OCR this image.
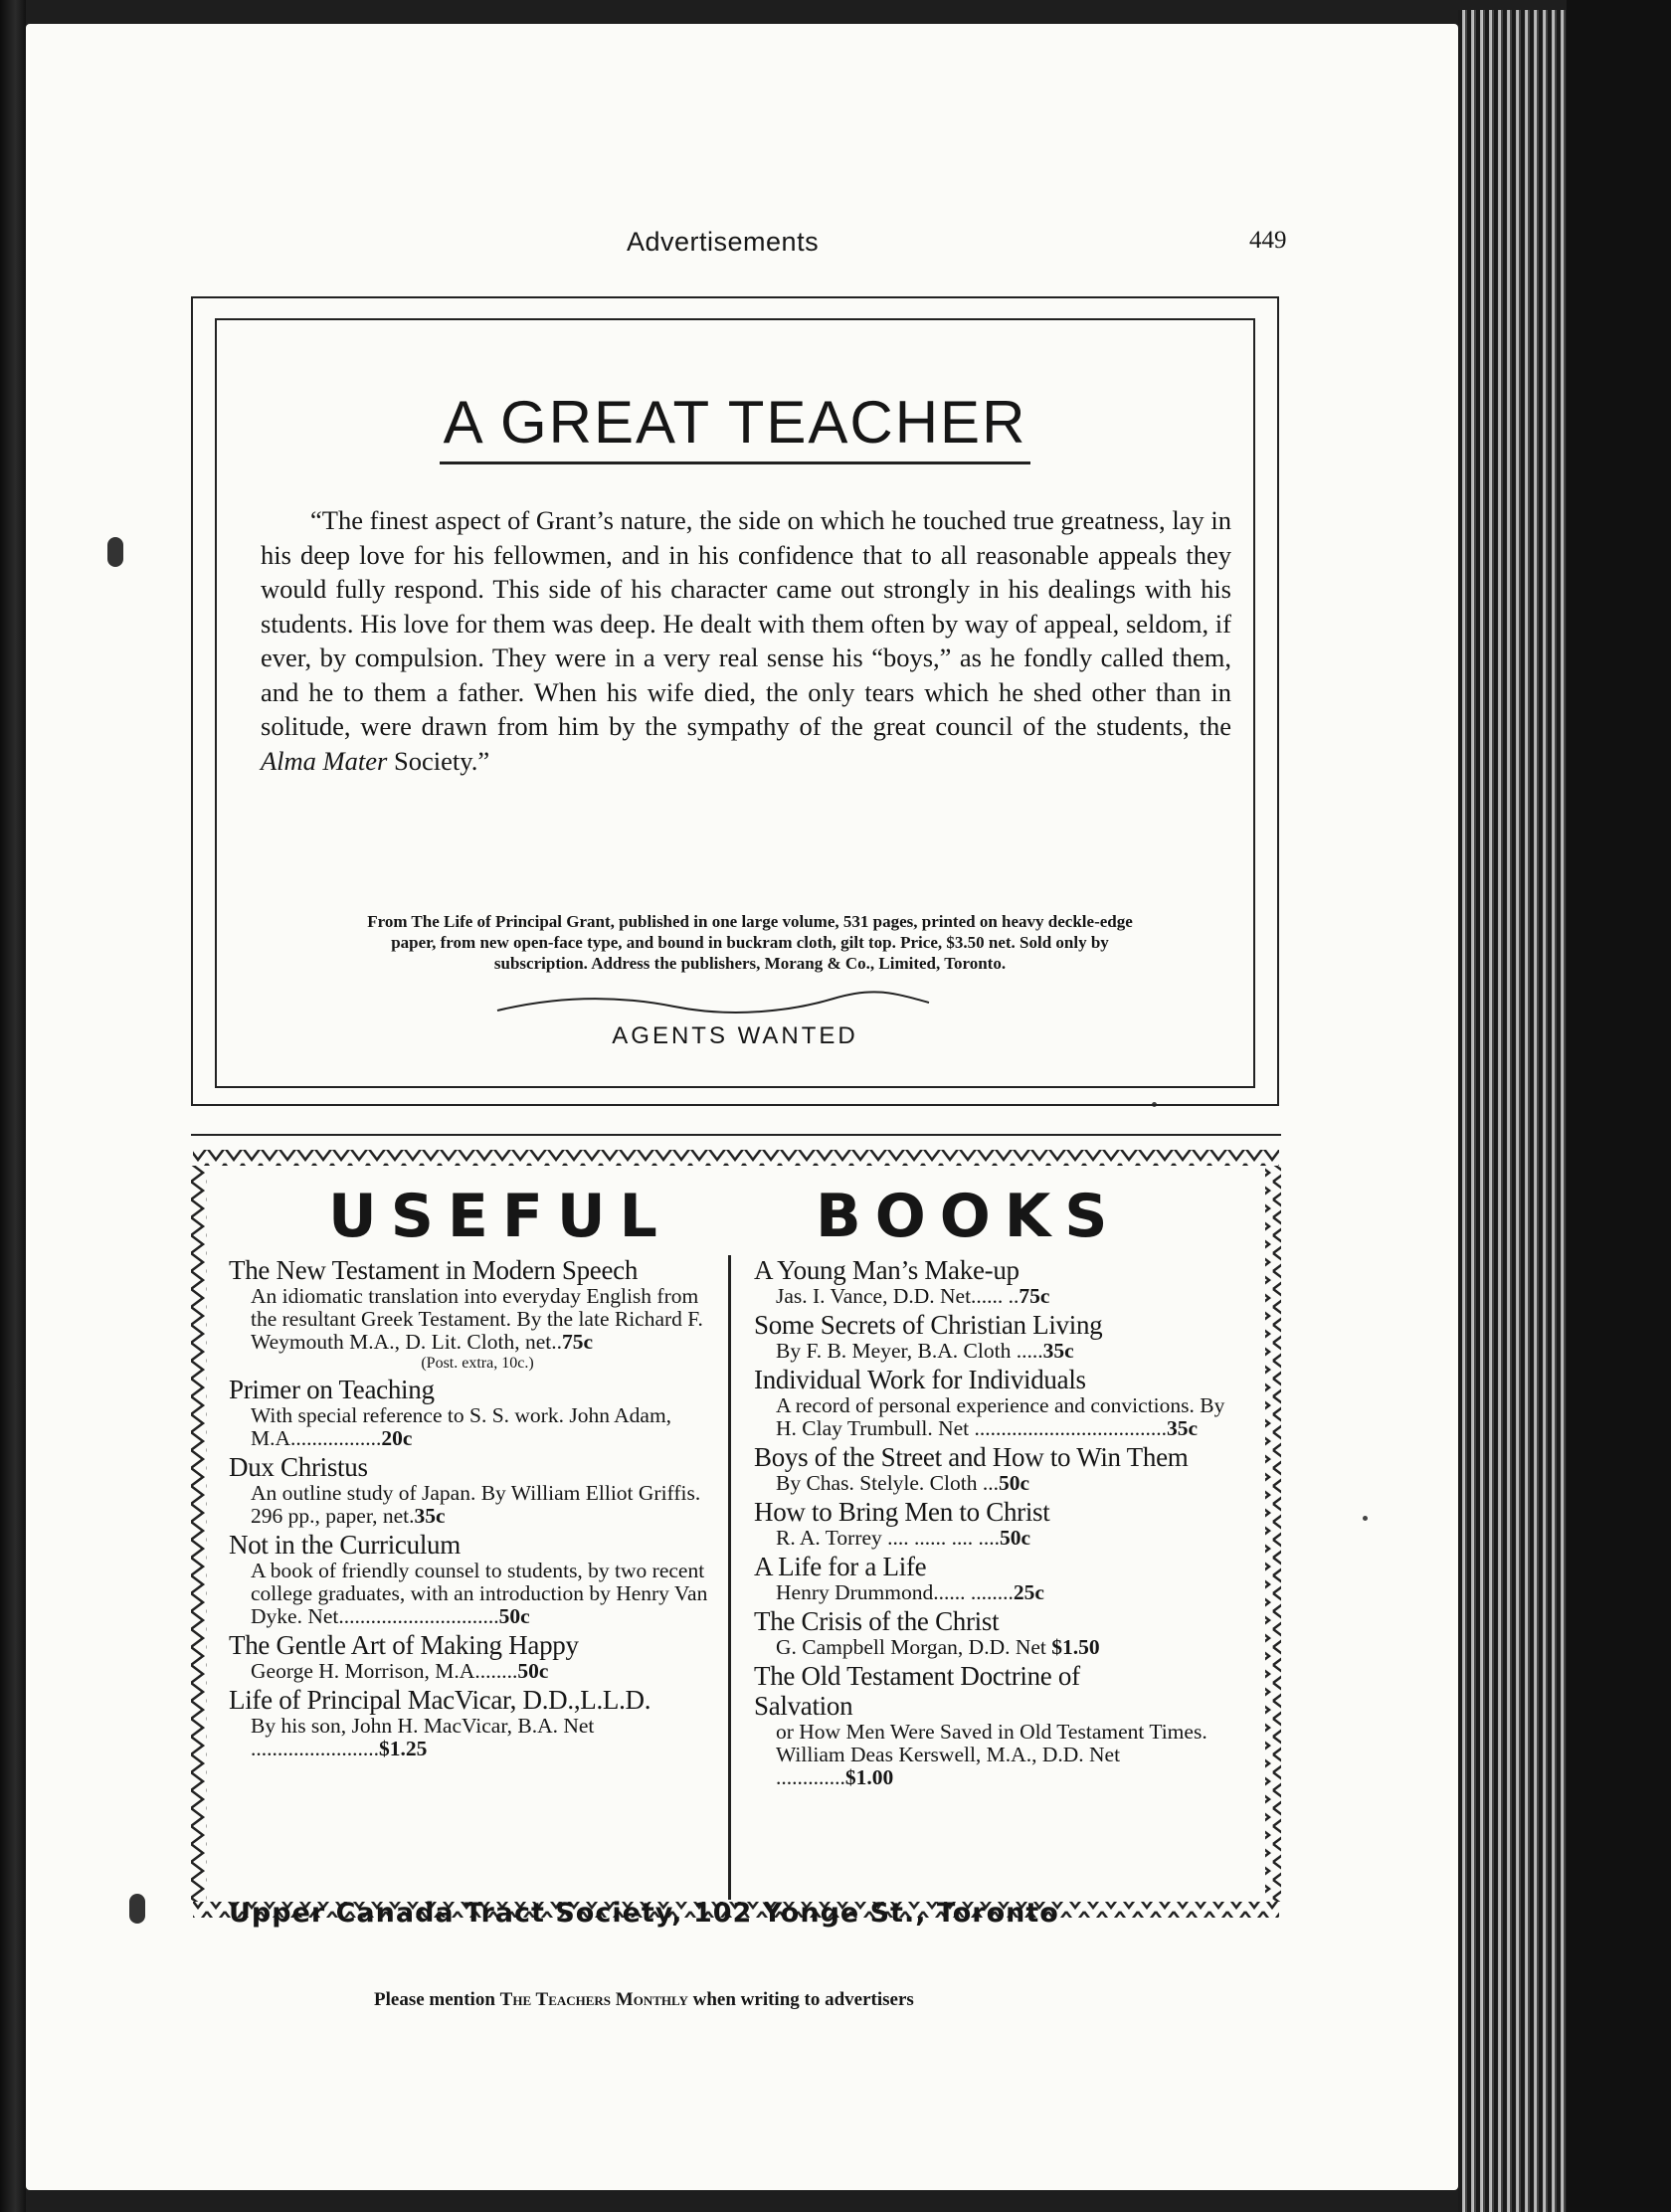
Advertisements	449
A GREAT TEACHER
“The finest aspect of Grant’s nature, the side on which he touched true greatness, lay in his deep love for his fellowmen, and in his confidence that to all reasonable appeals they would fully respond. This side of his character came out strongly in his dealings with his students. His love for them was deep. He dealt with them often by way of appeal, seldom, if ever, by compulsion. They were in a very real sense his “boys,” as he fondly called them, and he to them a father. When his wife died, the only tears which he shed other than in solitude, were drawn from him by the sympathy of the great council of the students, the Alma Mater Society.”
From The Life of Principal Grant, published in one large volume, 531 pages, printed on heavy deckle-edge paper, from new open-face type, and bound in buckram cloth, gilt top. Price, $3.50 net. Sold only by subscription. Address the publishers, Morang & Co., Limited, Toronto.
AGENTS WANTED
USEFUL BOOKS
The New Testament in Modern Speech
An idiomatic translation into everyday English from the resultant Greek Testament. By the late Richard F. Weymouth M.A., D. Lit. Cloth, net..75c
(Post. extra, 10c.)
Primer on Teaching
With special reference to S. S. work. John Adam, M.A.................20c
Dux Christus
An outline study of Japan. By William Elliot Griffis. 296 pp., paper, net.35c
Not in the Curriculum
A book of friendly counsel to students, by two recent college graduates, with an introduction by Henry Van Dyke. Net..............................50c
The Gentle Art of Making Happy
George H. Morrison, M.A........50c
Life of Principal MacVicar, D.D.,L.L.D.
By his son, John H. MacVicar, B.A. Net ........................$1.25
A Young Man’s Make-up
Jas. I. Vance, D.D. Net...... ..75c
Some Secrets of Christian Living
By F. B. Meyer, B.A. Cloth .....35c
Individual Work for Individuals
A record of personal experience and convictions. By H. Clay Trumbull. Net ....................................35c
Boys of the Street and How to Win Them
By Chas. Stelyle. Cloth ...50c
How to Bring Men to Christ
R. A. Torrey .... ...... .... ....50c
A Life for a Life
Henry Drummond...... ........25c
The Crisis of the Christ
G. Campbell Morgan, D.D. Net $1.50
The Old Testament Doctrine of Salvation
or How Men Were Saved in Old Testament Times. William Deas Kerswell, M.A., D.D. Net .............$1.00
Upper Canada Tract Society, 102 Yonge St., Toronto
Please mention The Teachers Monthly when writing to advertisers
